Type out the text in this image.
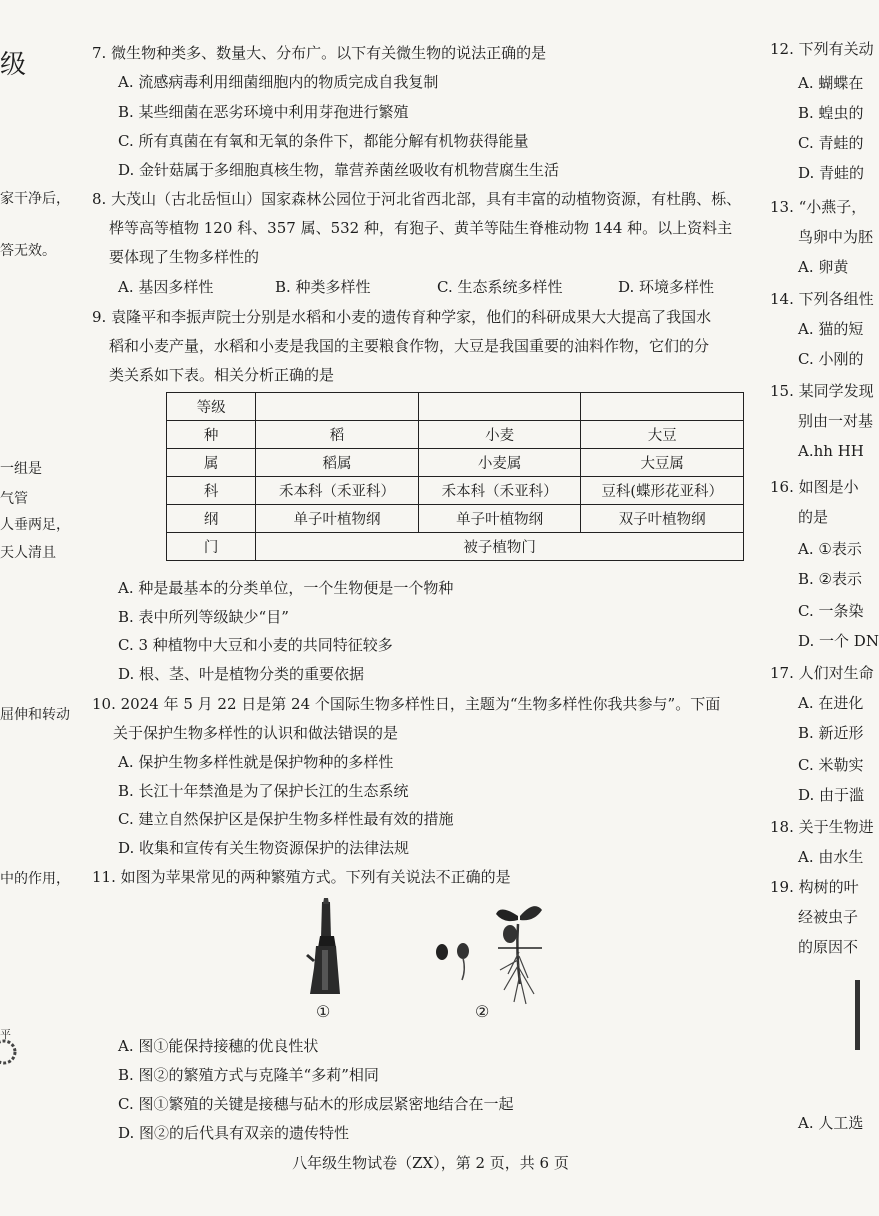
级
家干净后，
答无效。
一组是
气管
人垂两足，
天人清且
屈伸和转动
中的作用，
平
7. 微生物种类多、数量大、分布广。以下有关微生物的说法正确的是
A. 流感病毒利用细菌细胞内的物质完成自我复制
B. 某些细菌在恶劣环境中利用芽孢进行繁殖
C. 所有真菌在有氧和无氧的条件下，都能分解有机物获得能量
D. 金针菇属于多细胞真核生物，靠营养菌丝吸收有机物营腐生生活
8. 大茂山（古北岳恒山）国家森林公园位于河北省西北部，具有丰富的动植物资源，有杜鹃、栎、
桦等高等植物 120 科、357 属、532 种，有狍子、黄羊等陆生脊椎动物 144 种。以上资料主
要体现了生物多样性的
A. 基因多样性	B. 种类多样性	C. 生态系统多样性	D. 环境多样性
9. 袁隆平和李振声院士分别是水稻和小麦的遗传育种学家，他们的科研成果大大提高了我国水
稻和小麦产量，水稻和小麦是我国的主要粮食作物，大豆是我国重要的油料作物，它们的分
类关系如下表。相关分析正确的是
等级			
种	稻	小麦	大豆
属	稻属	小麦属	大豆属
科	禾本科（禾亚科）	禾本科（禾亚科）	豆科(蝶形花亚科）
纲	单子叶植物纲	单子叶植物纲	双子叶植物纲
门	被子植物门		
A. 种是最基本的分类单位，一个生物便是一个物种
B. 表中所列等级缺少“目”
C. 3 种植物中大豆和小麦的共同特征较多
D. 根、茎、叶是植物分类的重要依据
10. 2024 年 5 月 22 日是第 24 个国际生物多样性日，主题为“生物多样性你我共参与”。下面
关于保护生物多样性的认识和做法错误的是
A. 保护生物多样性就是保护物种的多样性
B. 长江十年禁渔是为了保护长江的生态系统
C. 建立自然保护区是保护生物多样性最有效的措施
D. 收集和宣传有关生物资源保护的法律法规
11. 如图为苹果常见的两种繁殖方式。下列有关说法不正确的是
①	②
A. 图①能保持接穗的优良性状
B. 图②的繁殖方式与克隆羊“多莉”相同
C. 图①繁殖的关键是接穗与砧木的形成层紧密地结合在一起
D. 图②的后代具有双亲的遗传特性
12. 下列有关动
A. 蝴蝶在
B. 蝗虫的
C. 青蛙的
D. 青蛙的
13. “小燕子，
鸟卵中为胚
A. 卵黄
14. 下列各组性
A. 猫的短
C. 小刚的
15. 某同学发现
别由一对基
A.hh HH
16. 如图是小
的是
A. ①表示
B. ②表示
C. 一条染
D. 一个 DN
17. 人们对生命
A. 在进化
B. 新近形
C. 米勒实
D. 由于滥
18. 关于生物进
A. 由水生
19. 构树的叶
经被虫子
的原因不
A. 人工选
八年级生物试卷（ZX），第 2 页，共 6 页
